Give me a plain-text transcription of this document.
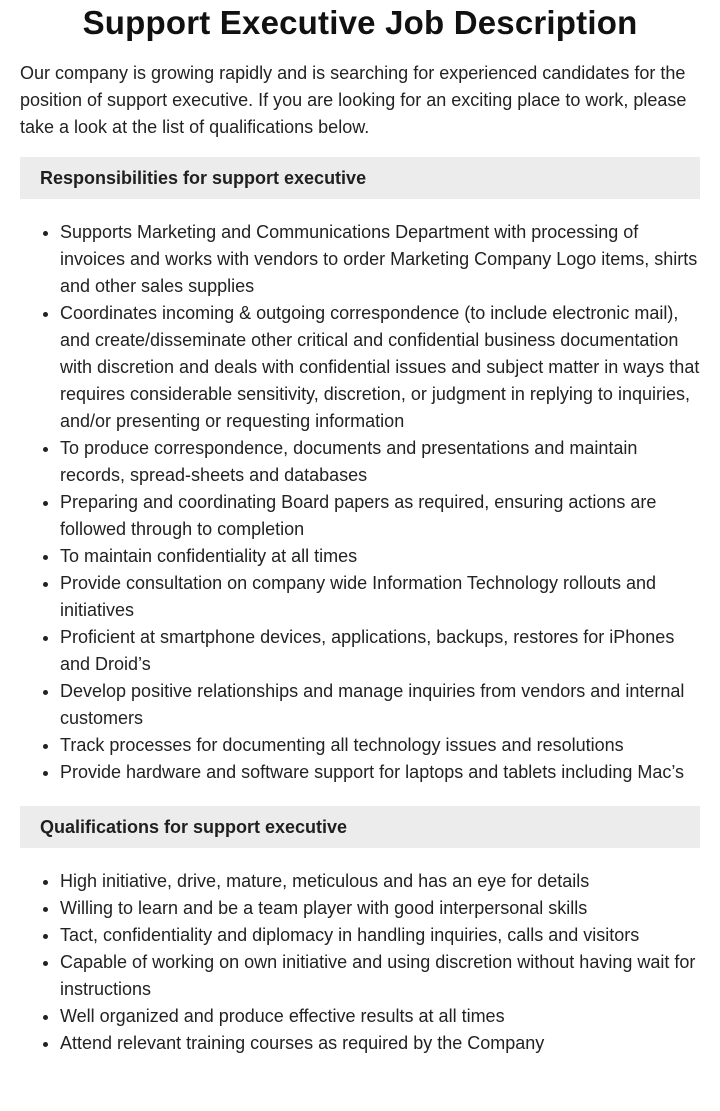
Support Executive Job Description

Our company is growing rapidly and is searching for experienced candidates for the position of support executive. If you are looking for an exciting place to work, please take a look at the list of qualifications below.

Responsibilities for support executive
• Supports Marketing and Communications Department with processing of invoices and works with vendors to order Marketing Company Logo items, shirts and other sales supplies
• Coordinates incoming & outgoing correspondence (to include electronic mail), and create/disseminate other critical and confidential business documentation with discretion and deals with confidential issues and subject matter in ways that requires considerable sensitivity, discretion, or judgment in replying to inquiries, and/or presenting or requesting information
• To produce correspondence, documents and presentations and maintain records, spread-sheets and databases
• Preparing and coordinating Board papers as required, ensuring actions are followed through to completion
• To maintain confidentiality at all times
• Provide consultation on company wide Information Technology rollouts and initiatives
• Proficient at smartphone devices, applications, backups, restores for iPhones and Droid’s
• Develop positive relationships and manage inquiries from vendors and internal customers
• Track processes for documenting all technology issues and resolutions
• Provide hardware and software support for laptops and tablets including Mac’s
Qualifications for support executive
• High initiative, drive, mature, meticulous and has an eye for details
• Willing to learn and be a team player with good interpersonal skills
• Tact, confidentiality and diplomacy in handling inquiries, calls and visitors
• Capable of working on own initiative and using discretion without having wait for instructions
• Well organized and produce effective results at all times
• Attend relevant training courses as required by the Company
